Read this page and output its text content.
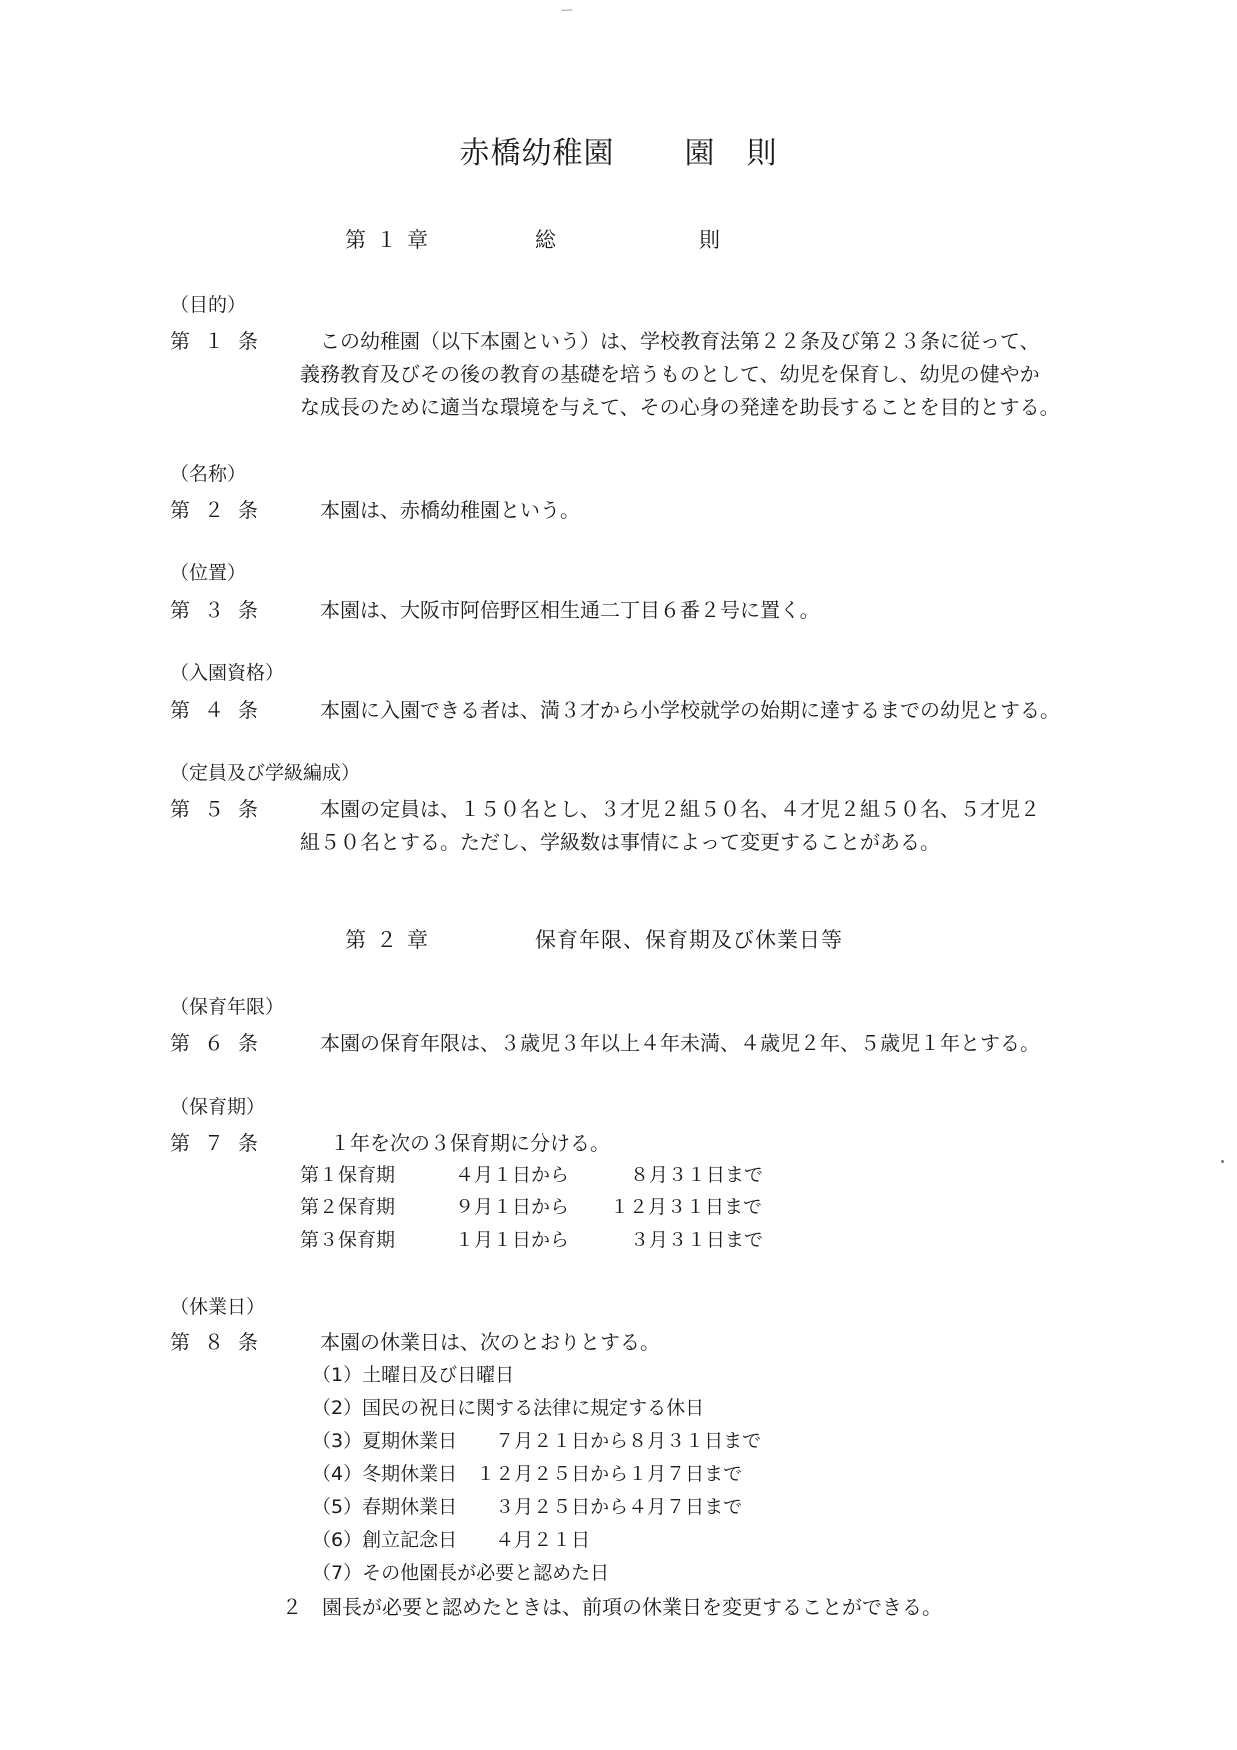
ー
赤橋幼稚園 園　則
第１章	総　　　則
（目的）
第１条 この幼稚園（以下本園という）は、学校教育法第２２条及び第２３条に従って、
義務教育及びその後の教育の基礎を培うものとして、幼児を保育し、幼児の健やか
な成長のために適当な環境を与えて、その心身の発達を助長することを目的とする。
（名称）
第２条 本園は、赤橋幼稚園という。
（位置）
第３条 本園は、大阪市阿倍野区相生通二丁目６番２号に置く。
（入園資格）
第４条 本園に入園できる者は、満３才から小学校就学の始期に達するまでの幼児とする。
（定員及び学級編成）
第５条 本園の定員は、１５０名とし、３才児２組５０名、４才児２組５０名、５才児２
組５０名とする。ただし、学級数は事情によって変更することがある。
第２章	保育年限、保育期及び休業日等
（保育年限）
第６条 本園の保育年限は、３歳児３年以上４年未満、４歳児２年、５歳児１年とする。
（保育期）
第７条	１年を次の３保育期に分ける。
第１保育期	４月１日から	８月３１日まで
第２保育期	９月１日から １２月３１日まで
第３保育期	１月１日から	３月３１日まで
（休業日）
第８条 本園の休業日は、次のとおりとする。
（1）土曜日及び日曜日
（2）国民の祝日に関する法律に規定する休日
（3）夏期休業日　　７月２１日から８月３１日まで
（4）冬期休業日　１２月２５日から１月７日まで
（5）春期休業日　　３月２５日から４月７日まで
（6）創立記念日　　４月２１日
（7）その他園長が必要と認めた日
２　園長が必要と認めたときは、前項の休業日を変更することができる。
